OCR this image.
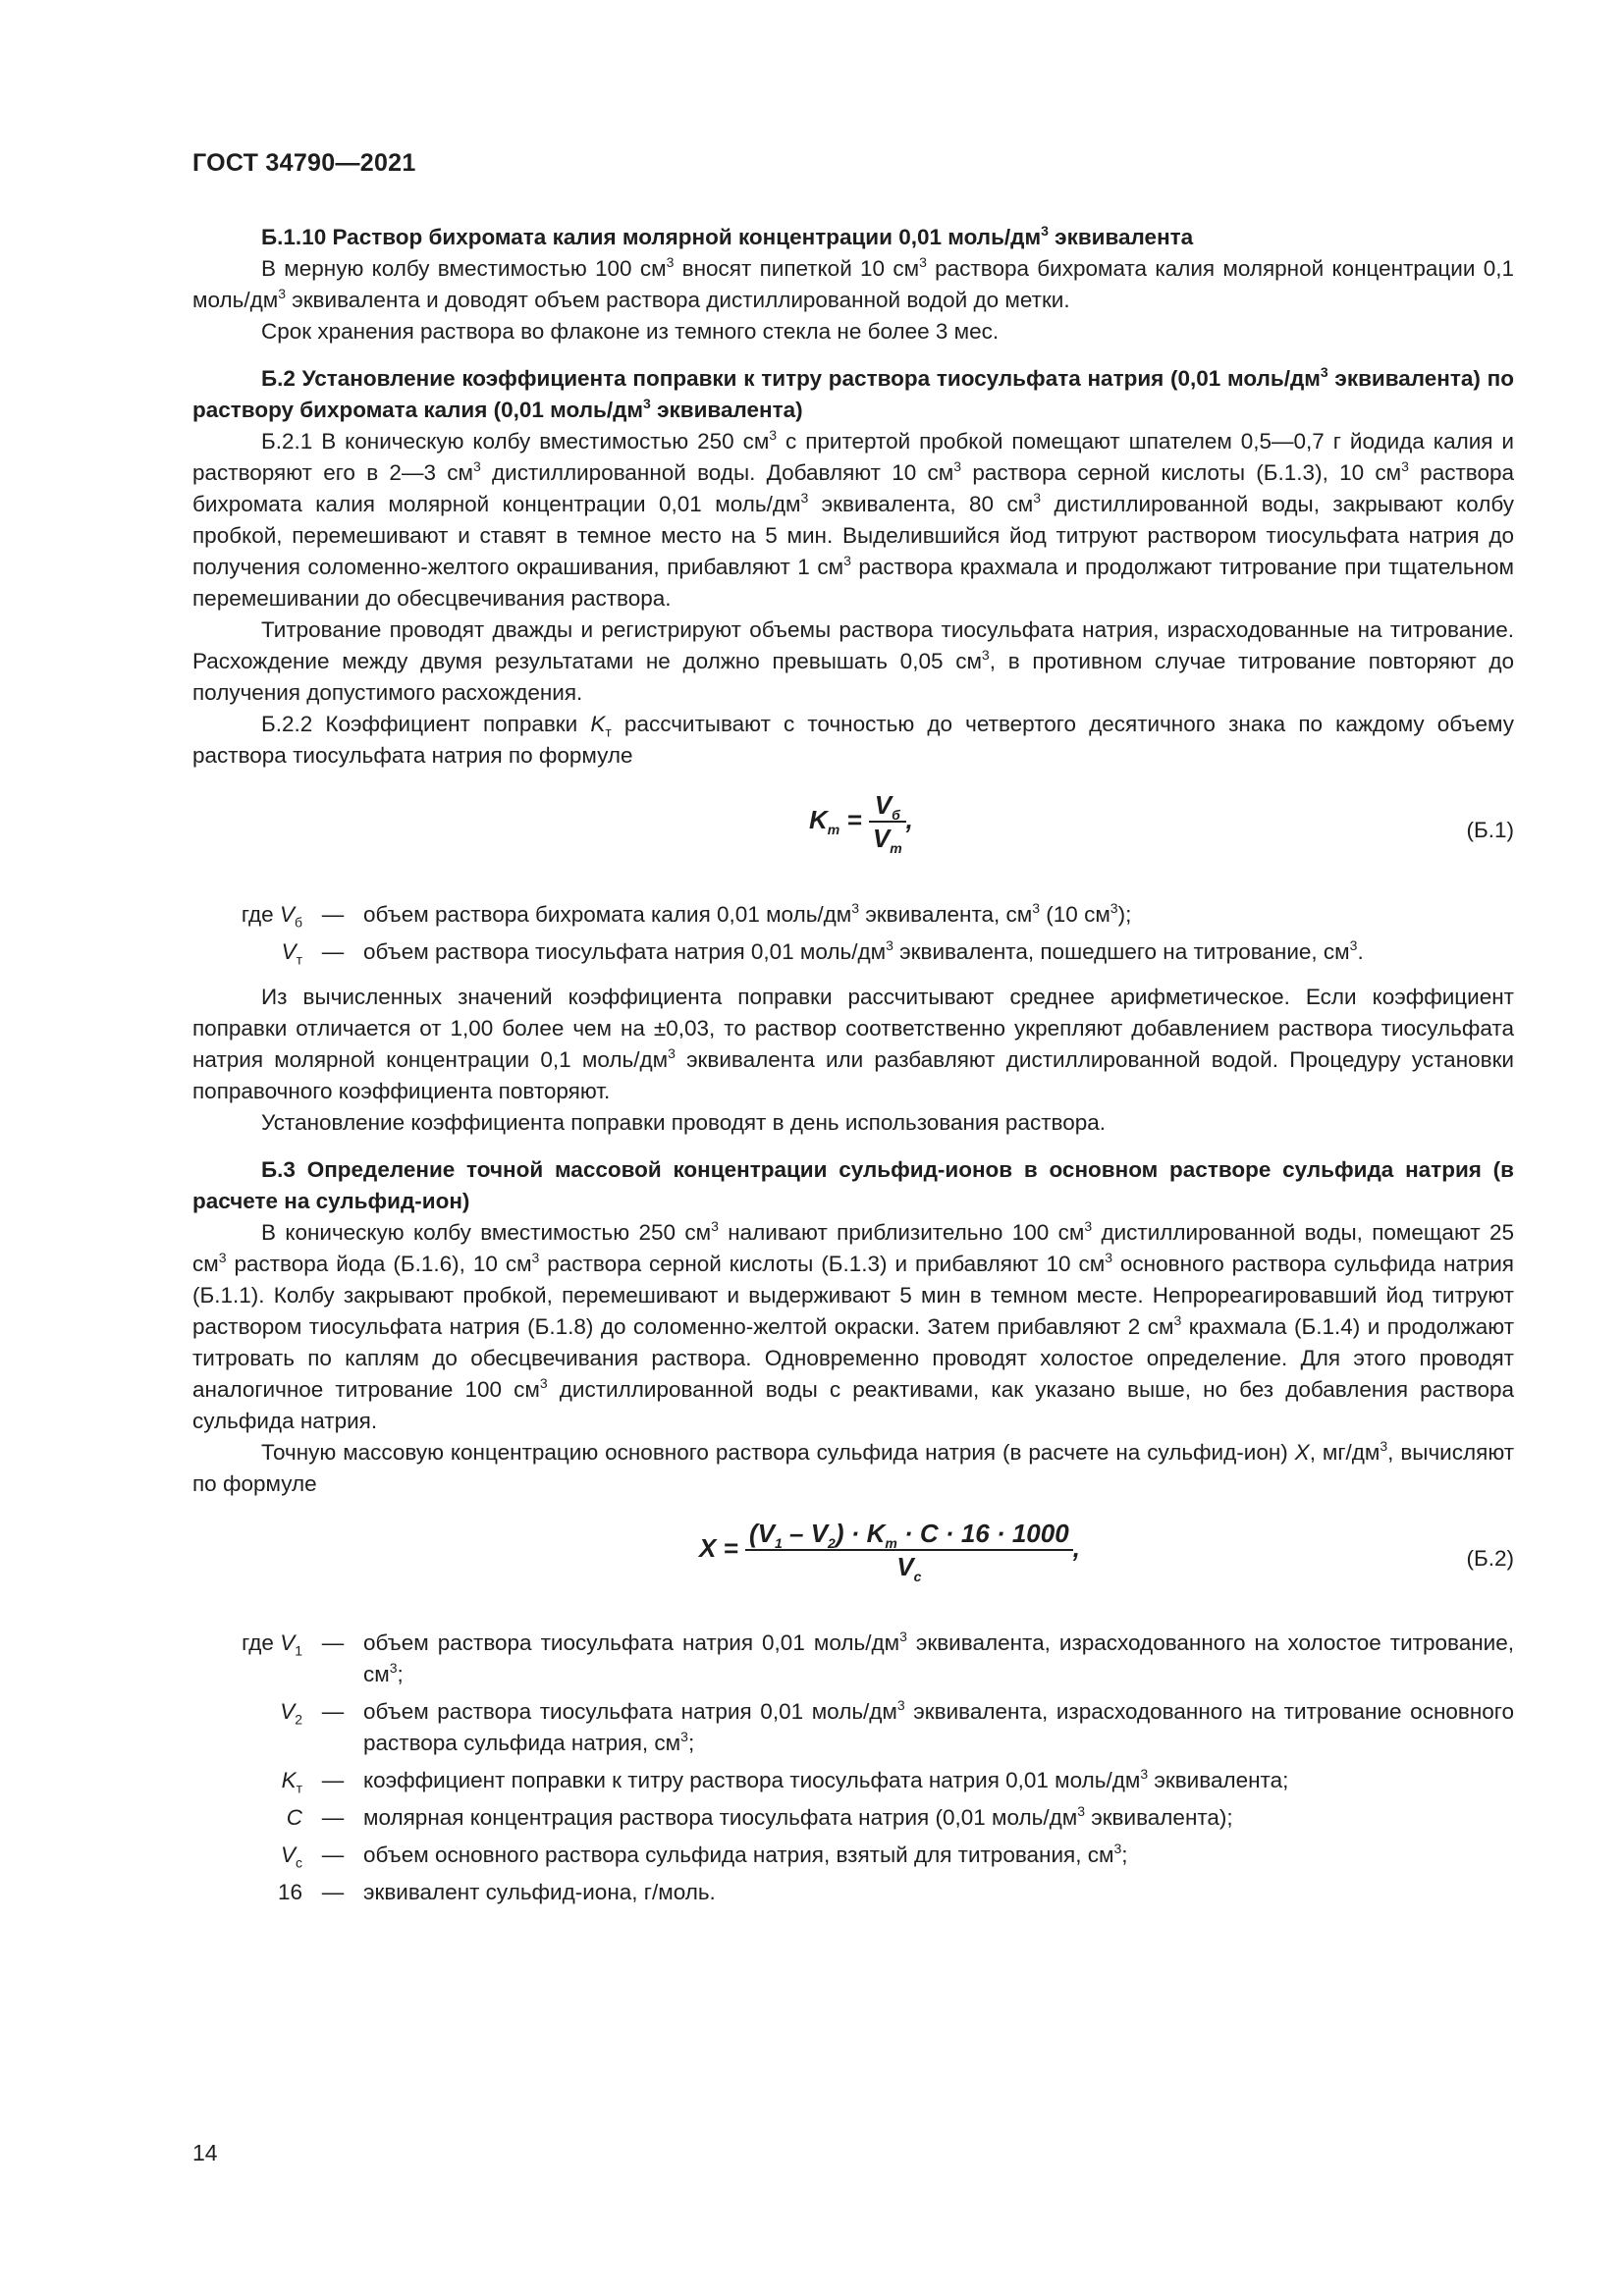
ГОСТ 34790—2021

Б.1.10 Раствор бихромата калия молярной концентрации 0,01 моль/$дм^3$ эквивалента

В мерную колбу вместимостью 100 $см^3$ вносят пипеткой 10 $см^3$ раствора бихромата калия молярной концентрации 0,1 моль/$дм^3$ эквивалента и доводят объем раствора дистиллированной водой до метки.

Срок хранения раствора во флаконе из темного стекла не более 3 мес.

Б.2 Установление коэффициента поправки к титру раствора тиосульфата натрия (0,01 моль/$дм^3$ эквивалента) по раствору бихромата калия (0,01 моль/$дм^3$ эквивалента)

Б.2.1 В коническую колбу вместимостью 250 $см^3$ с притертой пробкой помещают шпателем 0,5—0,7 г йодида калия и растворяют его в 2—3 $см^3$ дистиллированной воды. Добавляют 10 $см^3$ раствора серной кислоты (Б.1.3), 10 $см^3$ раствора бихромата калия молярной концентрации 0,01 моль/$дм^3$ эквивалента, 80 $см^3$ дистиллированной воды, закрывают колбу пробкой, перемешивают и ставят в темное место на 5 мин. Выделившийся йод титруют раствором тиосульфата натрия до получения соломенно-желтого окрашивания, прибавляют 1 $см^3$ раствора крахмала и продолжают титрование при тщательном перемешивании до обесцвечивания раствора.

Титрование проводят дважды и регистрируют объемы раствора тиосульфата натрия, израсходованные на титрование. Расхождение между двумя результатами не должно превышать 0,05 $см^3$, в противном случае титрование повторяют до получения допустимого расхождения.

Б.2.2 Коэффициент поправки $K_т$ рассчитывают с точностью до четвертого десятичного знака по каждому объему раствора тиосульфата натрия по формуле

$K_т = \frac{V_б}{V_т}$ ,	(Б.1)
где $V_б$ — объем раствора бихромата калия 0,01 моль/$дм^3$ эквивалента, $см^3$ (10 $см^3$);
$V_т$ — объем раствора тиосульфата натрия 0,01 моль/$дм^3$ эквивалента, пошедшего на титрование, $см^3$.

Из вычисленных значений коэффициента поправки рассчитывают среднее арифметическое. Если коэффициент поправки отличается от 1,00 более чем на ±0,03, то раствор соответственно укрепляют добавлением раствора тиосульфата натрия молярной концентрации 0,1 моль/$дм^3$ эквивалента или разбавляют дистиллированной водой. Процедуру установки поправочного коэффициента повторяют.

Установление коэффициента поправки проводят в день использования раствора.

Б.3 Определение точной массовой концентрации сульфид-ионов в основном растворе сульфида натрия (в расчете на сульфид-ион)

В коническую колбу вместимостью 250 $см^3$ наливают приблизительно 100 $см^3$ дистиллированной воды, помещают 25 $см^3$ раствора йода (Б.1.6), 10 $см^3$ раствора серной кислоты (Б.1.3) и прибавляют 10 $см^3$ основного раствора сульфида натрия (Б.1.1). Колбу закрывают пробкой, перемешивают и выдерживают 5 мин в темном месте. Непрореагировавший йод титруют раствором тиосульфата натрия (Б.1.8) до соломенно-желтой окраски. Затем прибавляют 2 $см^3$ крахмала (Б.1.4) и продолжают титровать по каплям до обесцвечивания раствора. Одновременно проводят холостое определение. Для этого проводят аналогичное титрование 100 $см^3$ дистиллированной воды с реактивами, как указано выше, но без добавления раствора сульфида натрия.

Точную массовую концентрацию основного раствора сульфида натрия (в расчете на сульфид-ион) X, $мг/дм^3$, вычисляют по формуле

$X = \frac{(V_1 - V_2) \cdot K_т \cdot C \cdot 16 \cdot 1000}{V_с}$ ,	(Б.2)
где $V_1$ — объем раствора тиосульфата натрия 0,01 моль/$дм^3$ эквивалента, израсходованного на холостое титрование, $см^3$;
$V_2$ — объем раствора тиосульфата натрия 0,01 моль/$дм^3$ эквивалента, израсходованного на титрование основного раствора сульфида натрия, $см^3$;
$K_т$ — коэффициент поправки к титру раствора тиосульфата натрия 0,01 моль/$дм^3$ эквивалента;
C — молярная концентрация раствора тиосульфата натрия (0,01 моль/$дм^3$ эквивалента);
$V_с$ — объем основного раствора сульфида натрия, взятый для титрования, $см^3$;
16 — эквивалент сульфид-иона, г/моль.
14
